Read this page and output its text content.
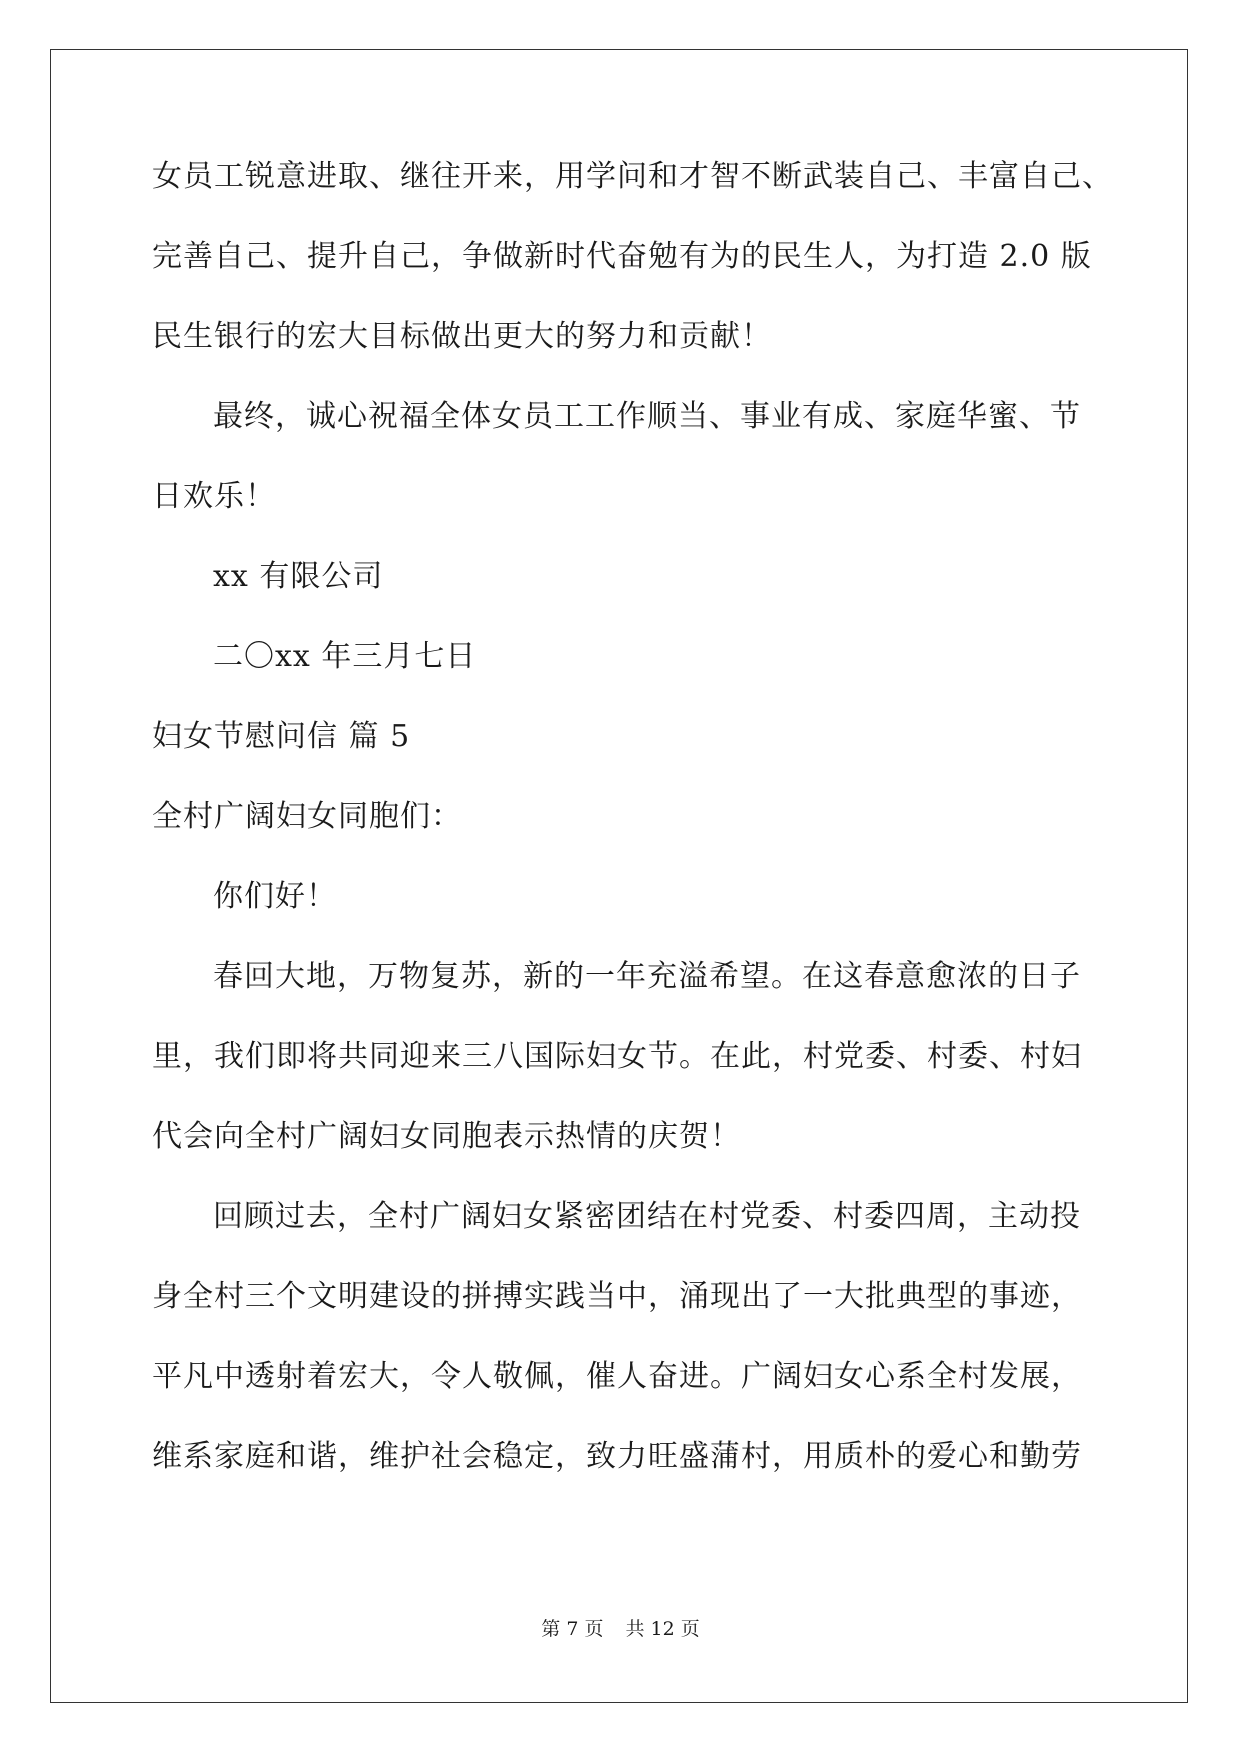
女员工锐意进取、继往开来，用学问和才智不断武装自己、丰富自己、
完善自己、提升自己，争做新时代奋勉有为的民生人，为打造 2.0 版
民生银行的宏大目标做出更大的努力和贡献！
最终，诚心祝福全体女员工工作顺当、事业有成、家庭华蜜、节
日欢乐！
xx 有限公司
二〇xx 年三月七日
妇女节慰问信 篇 5
全村广阔妇女同胞们：
你们好！
春回大地，万物复苏，新的一年充溢希望。在这春意愈浓的日子
里，我们即将共同迎来三八国际妇女节。在此，村党委、村委、村妇
代会向全村广阔妇女同胞表示热情的庆贺！
回顾过去，全村广阔妇女紧密团结在村党委、村委四周，主动投
身全村三个文明建设的拼搏实践当中，涌现出了一大批典型的事迹，
平凡中透射着宏大，令人敬佩，催人奋进。广阔妇女心系全村发展，
维系家庭和谐，维护社会稳定，致力旺盛蒲村，用质朴的爱心和勤劳
第 7 页 共 12 页
